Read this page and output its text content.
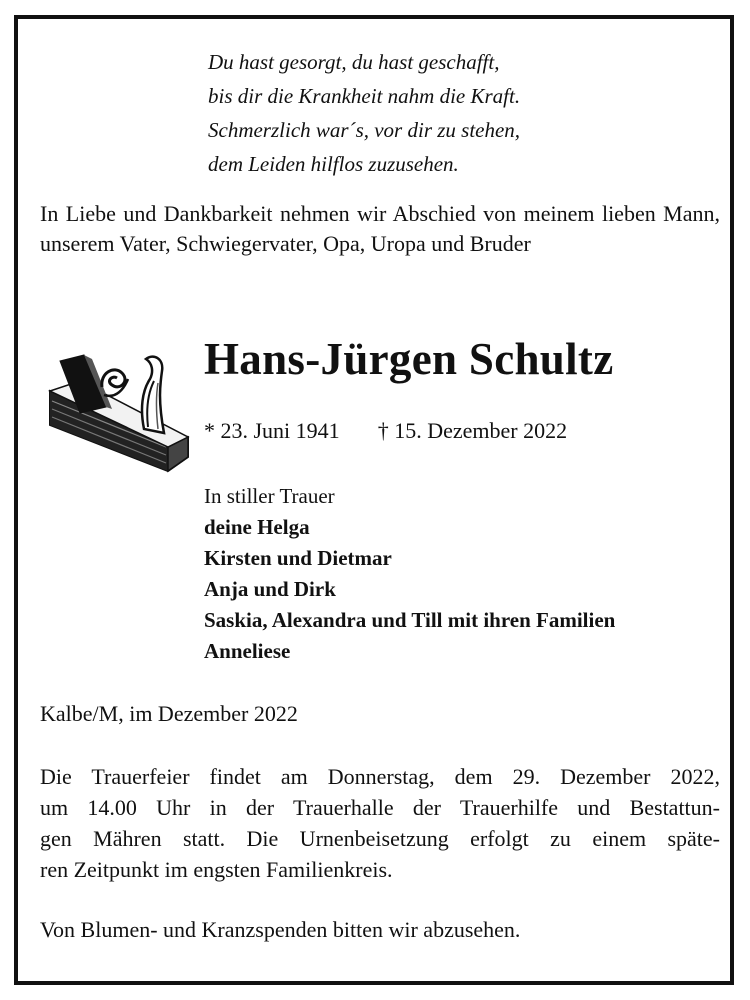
Du hast gesorgt, du hast geschafft,
bis dir die Krankheit nahm die Kraft.
Schmerzlich war´s, vor dir zu stehen,
dem Leiden hilflos zuzusehen.
In Liebe und Dankbarkeit nehmen wir Abschied von meinem lieben Mann, unserem Vater, Schwiegervater, Opa, Uropa und Bruder
Hans-Jürgen Schultz
* 23. Juni 1941 † 15. Dezember 2022
In stiller Trauer
deine Helga
Kirsten und Dietmar
Anja und Dirk
Saskia, Alexandra und Till mit ihren Familien
Anneliese
Kalbe/M, im Dezember 2022
Die Trauerfeier findet am Donnerstag, dem 29. Dezember 2022,
um 14.00 Uhr in der Trauerhalle der Trauerhilfe und Bestattun-
gen Mähren statt. Die Urnenbeisetzung erfolgt zu einem späte-
ren Zeitpunkt im engsten Familienkreis.
Von Blumen- und Kranzspenden bitten wir abzusehen.
